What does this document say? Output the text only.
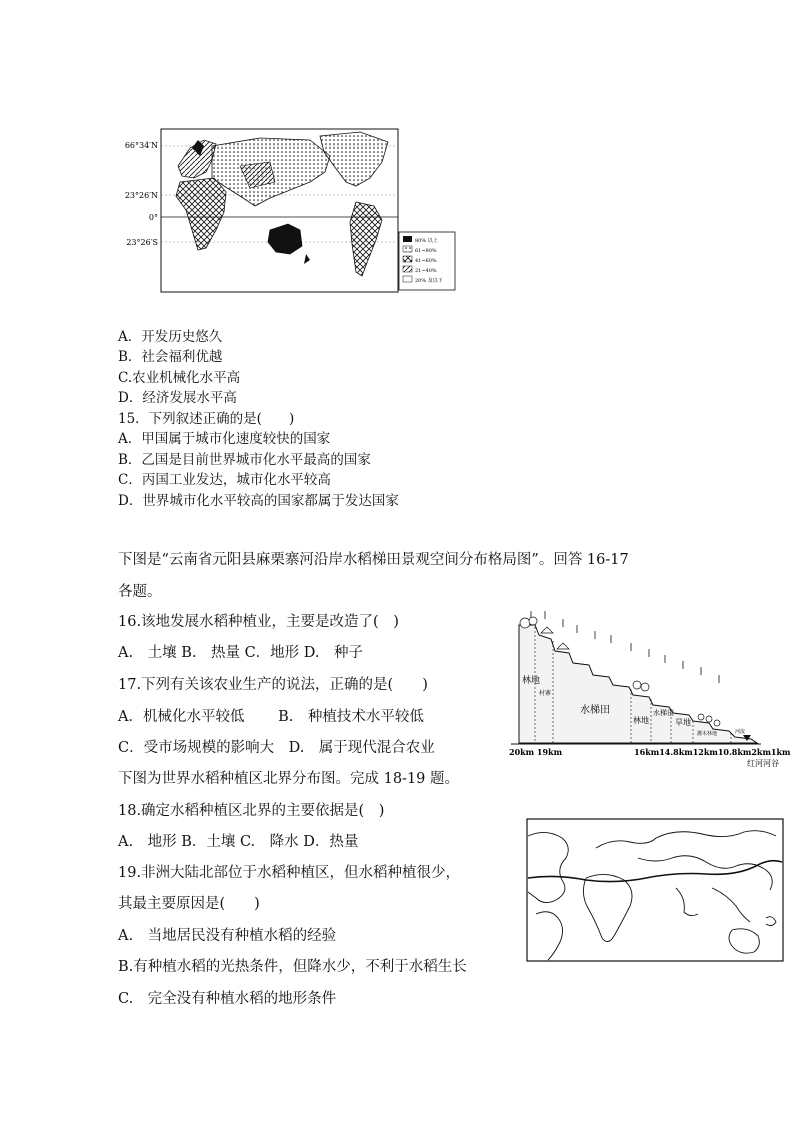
80% 以上
61~80%
41~60%
21~40%
20% 及以下
66°34′N
23°26′N
0°
23°26′S
A．开发历史悠久
B．社会福利优越
C.农业机械化水平高
D．经济发展水平高
15．下列叙述正确的是(　　)
A．甲国属于城市化速度较快的国家
B．乙国是目前世界城市化水平最高的国家
C．丙国工业发达，城市化水平较高
D．世界城市化水平较高的国家都属于发达国家
下图是“云南省元阳县麻栗寨河沿岸水稻梯田景观空间分布格局图”。回答 16-17
各题。
16.该地发展水稻种植业，主要是改造了(　)
A.　土壤 B.　热量 C．地形 D.　种子
17.下列有关该农业生产的说法，正确的是(　　)
A．机械化水平较低　　 B.　种植技术水平较低
C．受市场规模的影响大　D.　属于现代混合农业
林地
村寨
水梯田
林地
水梯田
旱地
灌木林地	河流
20km 19km　　　　　　　　　16km14.8km12km10.8km2km1km
红河河谷
下图为世界水稻种植区北界分布图。完成 18-19 题。
18.确定水稻种植区北界的主要依据是(　)
A.　地形 B．土壤 C.　降水 D．热量
19.非洲大陆北部位于水稻种植区，但水稻种植很少，
其最主要原因是(　　)
A.　当地居民没有种植水稻的经验
B.有种植水稻的光热条件，但降水少，不利于水稻生长
C.　完全没有种植水稻的地形条件
